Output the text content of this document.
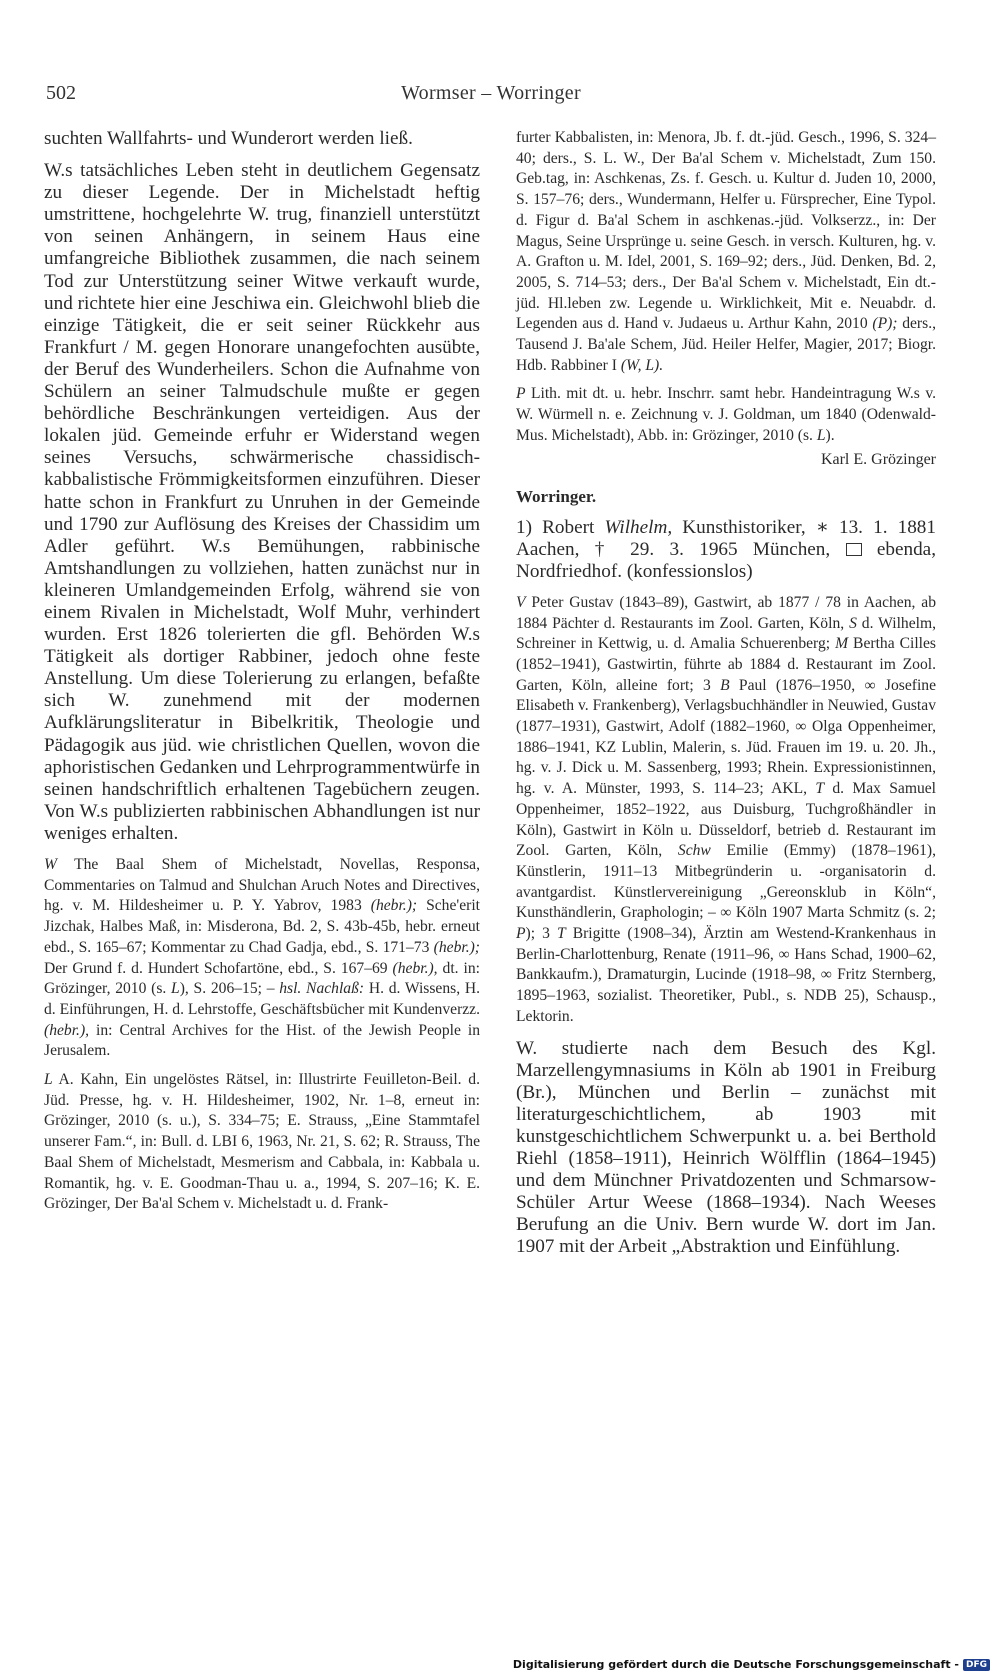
502	Wormser – Worringer

suchten Wallfahrts- und Wunderort werden ließ.

W.s tatsächliches Leben steht in deutlichem Gegensatz zu dieser Legende. Der in Michelstadt heftig umstrittene, hochgelehrte W. trug, finanziell unterstützt von seinen Anhängern, in seinem Haus eine umfangreiche Bibliothek zusammen, die nach seinem Tod zur Unterstützung seiner Witwe verkauft wurde, und richtete hier eine Jeschiwa ein. Gleichwohl blieb die einzige Tätigkeit, die er seit seiner Rückkehr aus Frankfurt / M. gegen Honorare unangefochten ausübte, der Beruf des Wunderheilers. Schon die Aufnahme von Schülern an seiner Talmudschule mußte er gegen behördliche Beschränkungen verteidigen. Aus der lokalen jüd. Gemeinde erfuhr er Widerstand wegen seines Versuchs, schwärmerische chassidisch-kabbalistische Frömmigkeitsformen einzuführen. Dieser hatte schon in Frankfurt zu Unruhen in der Gemeinde und 1790 zur Auflösung des Kreises der Chassidim um Adler geführt. W.s Bemühungen, rabbinische Amtshandlungen zu vollziehen, hatten zunächst nur in kleineren Umlandgemeinden Erfolg, während sie von einem Rivalen in Michelstadt, Wolf Muhr, verhindert wurden. Erst 1826 tolerierten die gfl. Behörden W.s Tätigkeit als dortiger Rabbiner, jedoch ohne feste Anstellung. Um diese Tolerierung zu erlangen, befaßte sich W. zunehmend mit der modernen Aufklärungsliteratur in Bibelkritik, Theologie und Pädagogik aus jüd. wie christlichen Quellen, wovon die aphoristischen Gedanken und Lehrprogrammentwürfe in seinen handschriftlich erhaltenen Tagebüchern zeugen. Von W.s publizierten rabbinischen Abhandlungen ist nur weniges erhalten.

W The Baal Shem of Michelstadt, Novellas, Responsa, Commentaries on Talmud and Shulchan Aruch Notes and Directives, hg. v. M. Hildesheimer u. P. Y. Yabrov, 1983 (hebr.); Sche'erit Jizchak, Halbes Maß, in: Misderona, Bd. 2, S. 43b-45b, hebr. erneut ebd., S. 165–67; Kommentar zu Chad Gadja, ebd., S. 171–73 (hebr.); Der Grund f. d. Hundert Schofartöne, ebd., S. 167–69 (hebr.), dt. in: Grözinger, 2010 (s. L), S. 206–15; – hsl. Nachlaß: H. d. Wissens, H. d. Einführungen, H. d. Lehrstoffe, Geschäftsbücher mit Kundenverzz. (hebr.), in: Central Archives for the Hist. of the Jewish People in Jerusalem.

L A. Kahn, Ein ungelöstes Rätsel, in: Illustrirte Feuilleton-Beil. d. Jüd. Presse, hg. v. H. Hildesheimer, 1902, Nr. 1–8, erneut in: Grözinger, 2010 (s. u.), S. 334–75; E. Strauss, „Eine Stammtafel unserer Fam.“, in: Bull. d. LBI 6, 1963, Nr. 21, S. 62; R. Strauss, The Baal Shem of Michelstadt, Mesmerism and Cabbala, in: Kabbala u. Romantik, hg. v. E. Goodman-Thau u. a., 1994, S. 207–16; K. E. Grözinger, Der Ba'al Schem v. Michelstadt u. d. Frank-

furter Kabbalisten, in: Menora, Jb. f. dt.-jüd. Gesch., 1996, S. 324–40; ders., S. L. W., Der Ba'al Schem v. Michelstadt, Zum 150. Geb.tag, in: Aschkenas, Zs. f. Gesch. u. Kultur d. Juden 10, 2000, S. 157–76; ders., Wundermann, Helfer u. Fürsprecher, Eine Typol. d. Figur d. Ba'al Schem in aschkenas.-jüd. Volkserzz., in: Der Magus, Seine Ursprünge u. seine Gesch. in versch. Kulturen, hg. v. A. Grafton u. M. Idel, 2001, S. 169–92; ders., Jüd. Denken, Bd. 2, 2005, S. 714–53; ders., Der Ba'al Schem v. Michelstadt, Ein dt.-jüd. Hl.leben zw. Legende u. Wirklichkeit, Mit e. Neuabdr. d. Legenden aus d. Hand v. Judaeus u. Arthur Kahn, 2010 (P); ders., Tausend J. Ba'ale Schem, Jüd. Heiler Helfer, Magier, 2017; Biogr. Hdb. Rabbiner I (W, L).

P Lith. mit dt. u. hebr. Inschrr. samt hebr. Handeintragung W.s v. W. Würmell n. e. Zeichnung v. J. Goldman, um 1840 (Odenwald-Mus. Michelstadt), Abb. in: Grözinger, 2010 (s. L).

Karl E. Grözinger

Worringer.

1) Robert Wilhelm, Kunsthistoriker, ∗ 13. 1. 1881 Aachen, † 29. 3. 1965 München,  ebenda, Nordfriedhof. (konfessionslos)

V Peter Gustav (1843–89), Gastwirt, ab 1877 / 78 in Aachen, ab 1884 Pächter d. Restaurants im Zool. Garten, Köln, S d. Wilhelm, Schreiner in Kettwig, u. d. Amalia Schuerenberg; M Bertha Cilles (1852–1941), Gastwirtin, führte ab 1884 d. Restaurant im Zool. Garten, Köln, alleine fort; 3 B Paul (1876–1950, ∞ Josefine Elisabeth v. Frankenberg), Verlagsbuchhändler in Neuwied, Gustav (1877–1931), Gastwirt, Adolf (1882–1960, ∞ Olga Oppenheimer, 1886–1941, KZ Lublin, Malerin, s. Jüd. Frauen im 19. u. 20. Jh., hg. v. J. Dick u. M. Sassenberg, 1993; Rhein. Expressionistinnen, hg. v. A. Münster, 1993, S. 114–23; AKL, T d. Max Samuel Oppenheimer, 1852–1922, aus Duisburg, Tuchgroßhändler in Köln), Gastwirt in Köln u. Düsseldorf, betrieb d. Restaurant im Zool. Garten, Köln, Schw Emilie (Emmy) (1878–1961), Künstlerin, 1911–13 Mitbegründerin u. -organisatorin d. avantgardist. Künstlervereinigung „Gereonsklub in Köln“, Kunsthändlerin, Graphologin; – ∞ Köln 1907 Marta Schmitz (s. 2; P); 3 T Brigitte (1908–34), Ärztin am Westend-Krankenhaus in Berlin-Charlottenburg, Renate (1911–96, ∞ Hans Schad, 1900–62, Bankkaufm.), Dramaturgin, Lucinde (1918–98, ∞ Fritz Sternberg, 1895–1963, sozialist. Theoretiker, Publ., s. NDB 25), Schausp., Lektorin.

W. studierte nach dem Besuch des Kgl. Marzellengymnasiums in Köln ab 1901 in Freiburg (Br.), München und Berlin – zunächst mit literaturgeschichtlichem, ab 1903 mit kunstgeschichtlichem Schwerpunkt u. a. bei Berthold Riehl (1858–1911), Heinrich Wölfflin (1864–1945) und dem Münchner Privatdozenten und Schmarsow-Schüler Artur Weese (1868–1934). Nach Weeses Berufung an die Univ. Bern wurde W. dort im Jan. 1907 mit der Arbeit „Abstraktion und Einfühlung.

Digitalisierung gefördert durch die Deutsche Forschungsgemeinschaft - DFG
